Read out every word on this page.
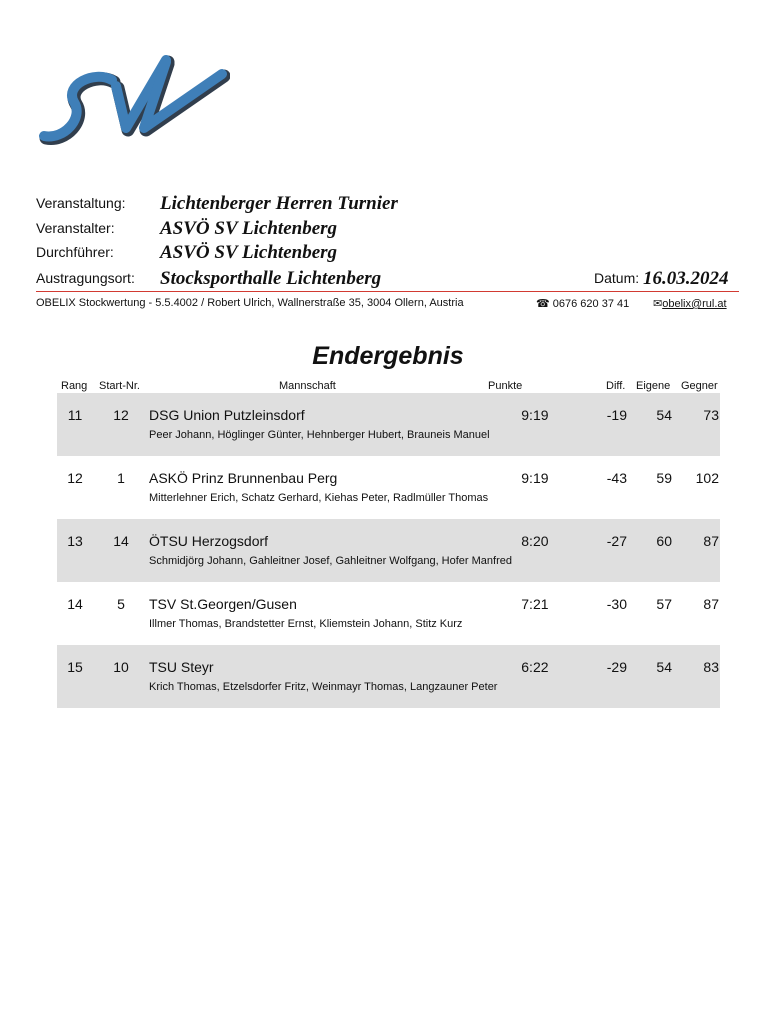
Veranstaltung: Lichtenberger Herren Turnier
Veranstalter: ASVÖ SV Lichtenberg
Durchführer: ASVÖ SV Lichtenberg
Austragungsort: Stocksporthalle Lichtenberg	Datum: 16.03.2024
OBELIX Stockwertung - 5.5.4002 / Robert Ulrich, Wallnerstraße 35, 3004 Ollern, Austria	☎ 0676 620 37 41 ✉obelix@rul.at
Endergebnis
Rang Start-Nr.	Mannschaft	Punkte	Diff. Eigene Gegner
11	12	DSG Union Putzleinsdorf	9 : 19	-19	54	73
Peer Johann, Höglinger Günter, Hehnberger Hubert, Brauneis Manuel
12	1	ASKÖ Prinz Brunnenbau Perg	9 : 19	-43	59	102
Mitterlehner Erich, Schatz Gerhard, Kiehas Peter, Radlmüller Thomas
13	14	ÖTSU Herzogsdorf	8 : 20	-27	60	87
Schmidjörg Johann, Gahleitner Josef, Gahleitner Wolfgang, Hofer Manfred
14	5	TSV St.Georgen/Gusen	7 : 21	-30	57	87
Illmer Thomas, Brandstetter Ernst, Kliemstein Johann, Stitz Kurz
15	10	TSU Steyr	6 : 22	-29	54	83
Krich Thomas, Etzelsdorfer Fritz, Weinmayr Thomas, Langzauner Peter
